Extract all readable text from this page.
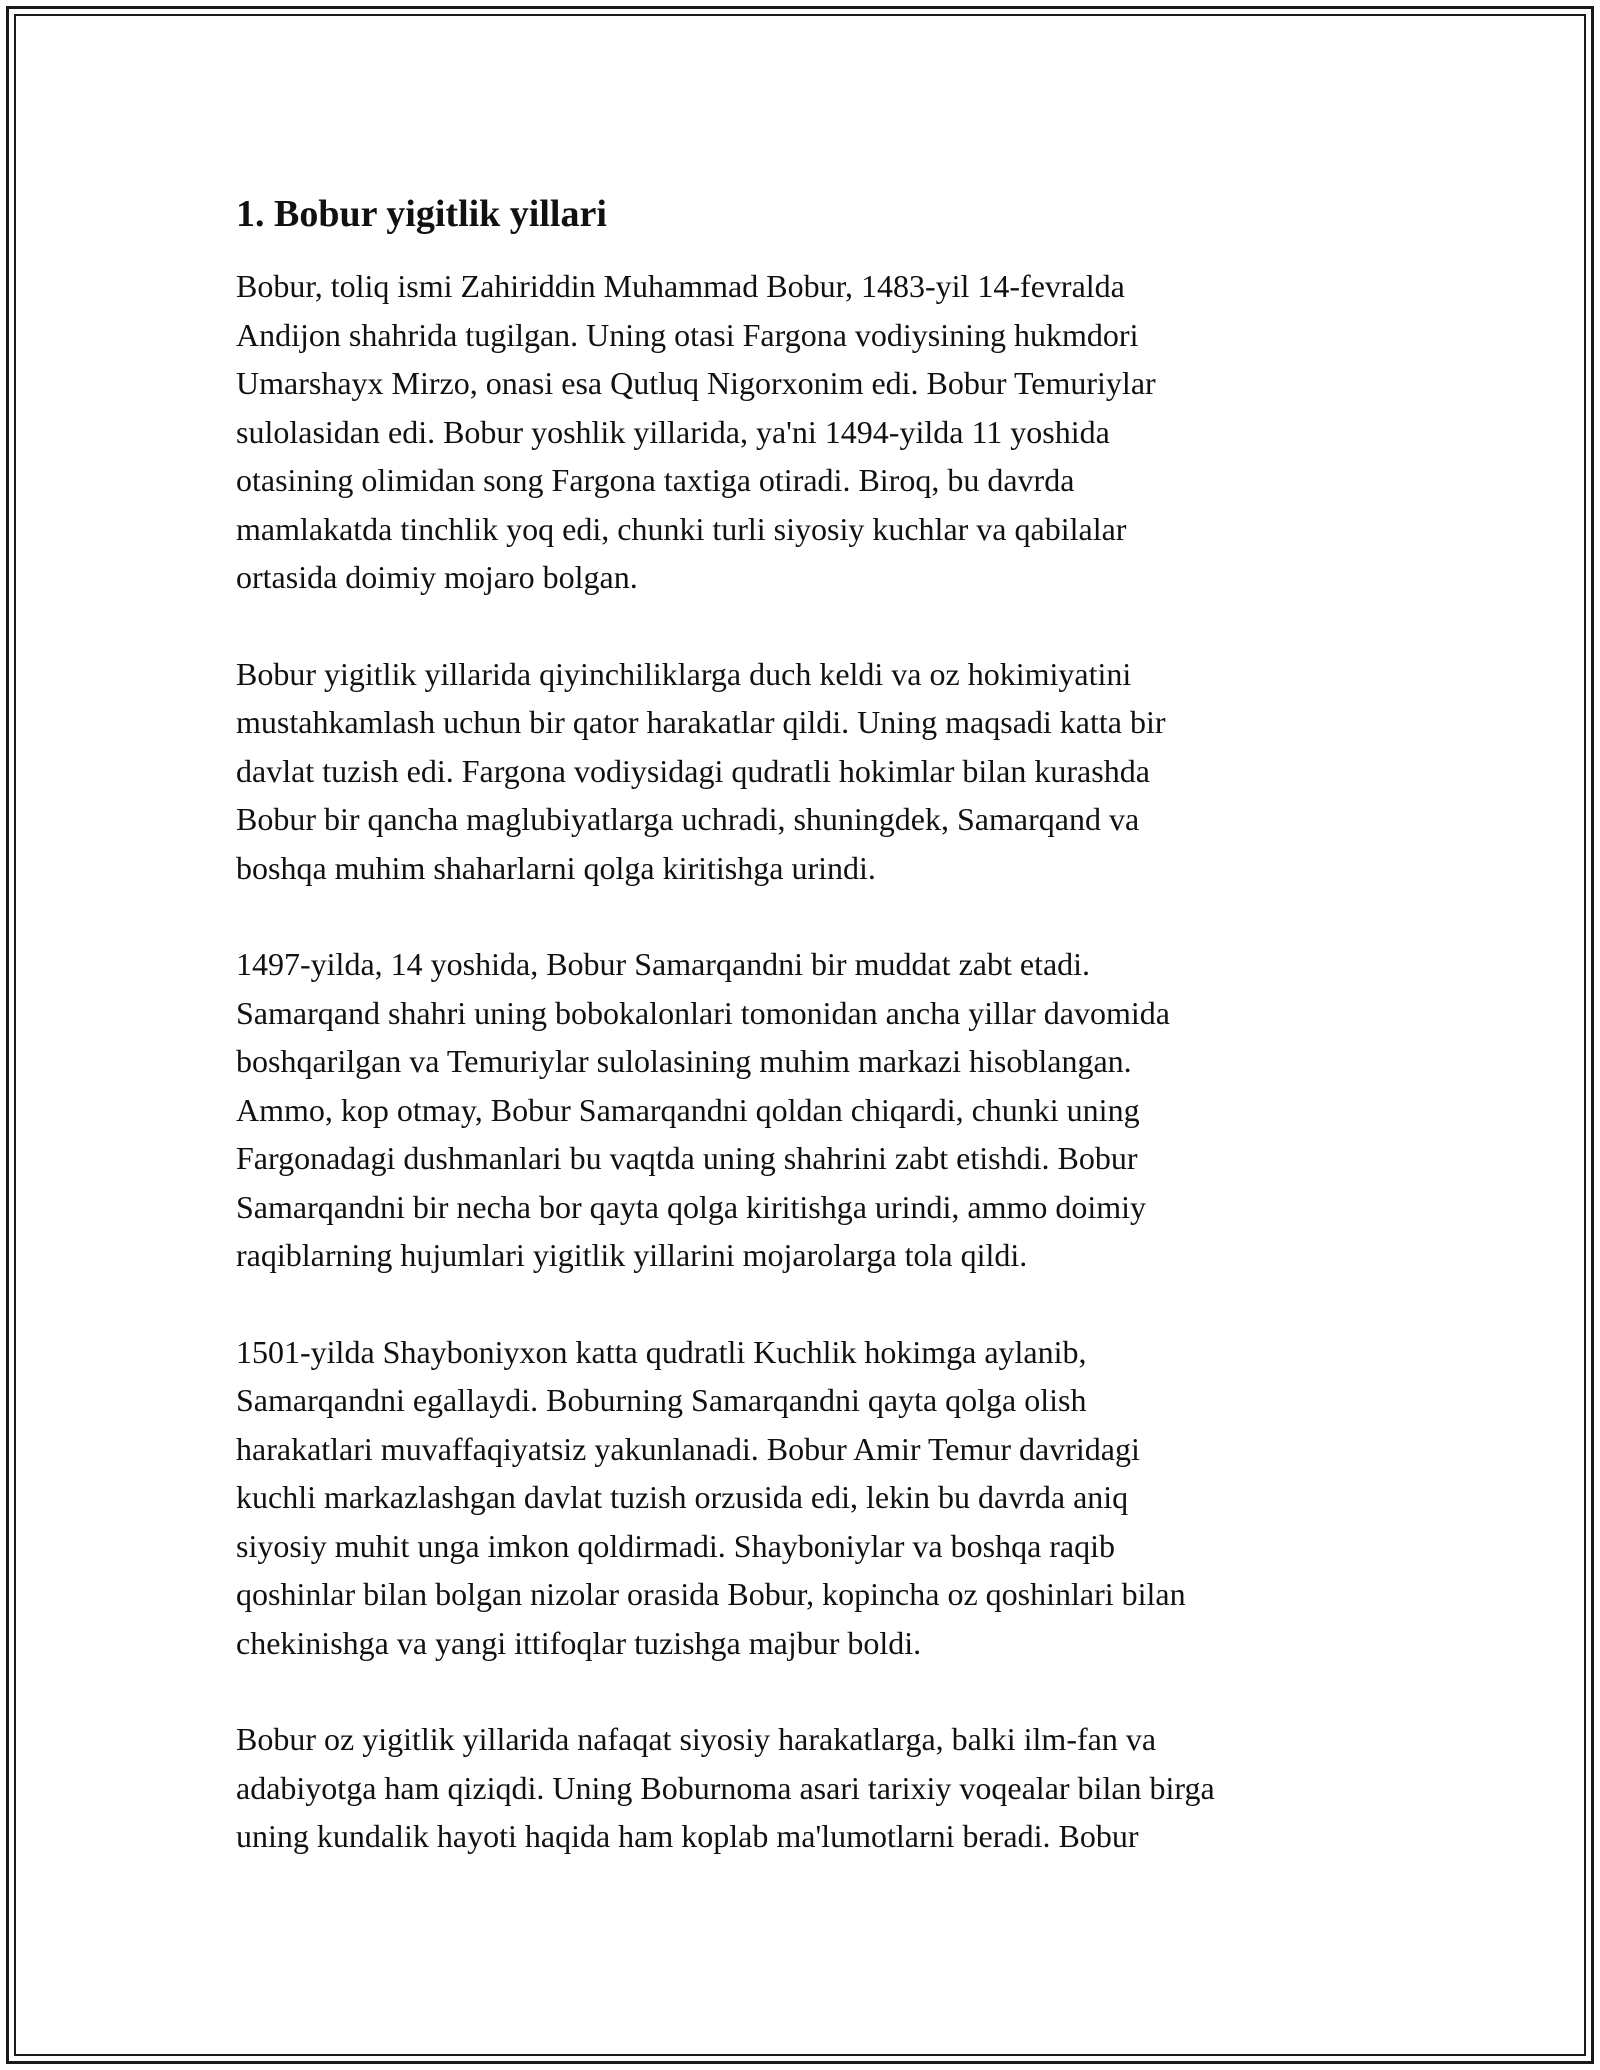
1. Bobur yigitlik yillari

Bobur, toliq ismi Zahiriddin Muhammad Bobur, 1483-yil 14-fevralda
Andijon shahrida tugilgan. Uning otasi Fargona vodiysining hukmdori
Umarshayx Mirzo, onasi esa Qutluq Nigorxonim edi. Bobur Temuriylar
sulolasidan edi. Bobur yoshlik yillarida, ya'ni 1494-yilda 11 yoshida
otasining olimidan song Fargona taxtiga otiradi. Biroq, bu davrda
mamlakatda tinchlik yoq edi, chunki turli siyosiy kuchlar va qabilalar
ortasida doimiy mojaro bolgan.

Bobur yigitlik yillarida qiyinchiliklarga duch keldi va oz hokimiyatini
mustahkamlash uchun bir qator harakatlar qildi. Uning maqsadi katta bir
davlat tuzish edi. Fargona vodiysidagi qudratli hokimlar bilan kurashda
Bobur bir qancha maglubiyatlarga uchradi, shuningdek, Samarqand va
boshqa muhim shaharlarni qolga kiritishga urindi.

1497-yilda, 14 yoshida, Bobur Samarqandni bir muddat zabt etadi.
Samarqand shahri uning bobokalonlari tomonidan ancha yillar davomida
boshqarilgan va Temuriylar sulolasining muhim markazi hisoblangan.
Ammo, kop otmay, Bobur Samarqandni qoldan chiqardi, chunki uning
Fargonadagi dushmanlari bu vaqtda uning shahrini zabt etishdi. Bobur
Samarqandni bir necha bor qayta qolga kiritishga urindi, ammo doimiy
raqiblarning hujumlari yigitlik yillarini mojarolarga tola qildi.

1501-yilda Shayboniyxon katta qudratli Kuchlik hokimga aylanib,
Samarqandni egallaydi. Boburning Samarqandni qayta qolga olish
harakatlari muvaffaqiyatsiz yakunlanadi. Bobur Amir Temur davridagi
kuchli markazlashgan davlat tuzish orzusida edi, lekin bu davrda aniq
siyosiy muhit unga imkon qoldirmadi. Shayboniylar va boshqa raqib
qoshinlar bilan bolgan nizolar orasida Bobur, kopincha oz qoshinlari bilan
chekinishga va yangi ittifoqlar tuzishga majbur boldi.

Bobur oz yigitlik yillarida nafaqat siyosiy harakatlarga, balki ilm-fan va
adabiyotga ham qiziqdi. Uning Boburnoma asari tarixiy voqealar bilan birga
uning kundalik hayoti haqida ham koplab ma'lumotlarni beradi. Bobur
